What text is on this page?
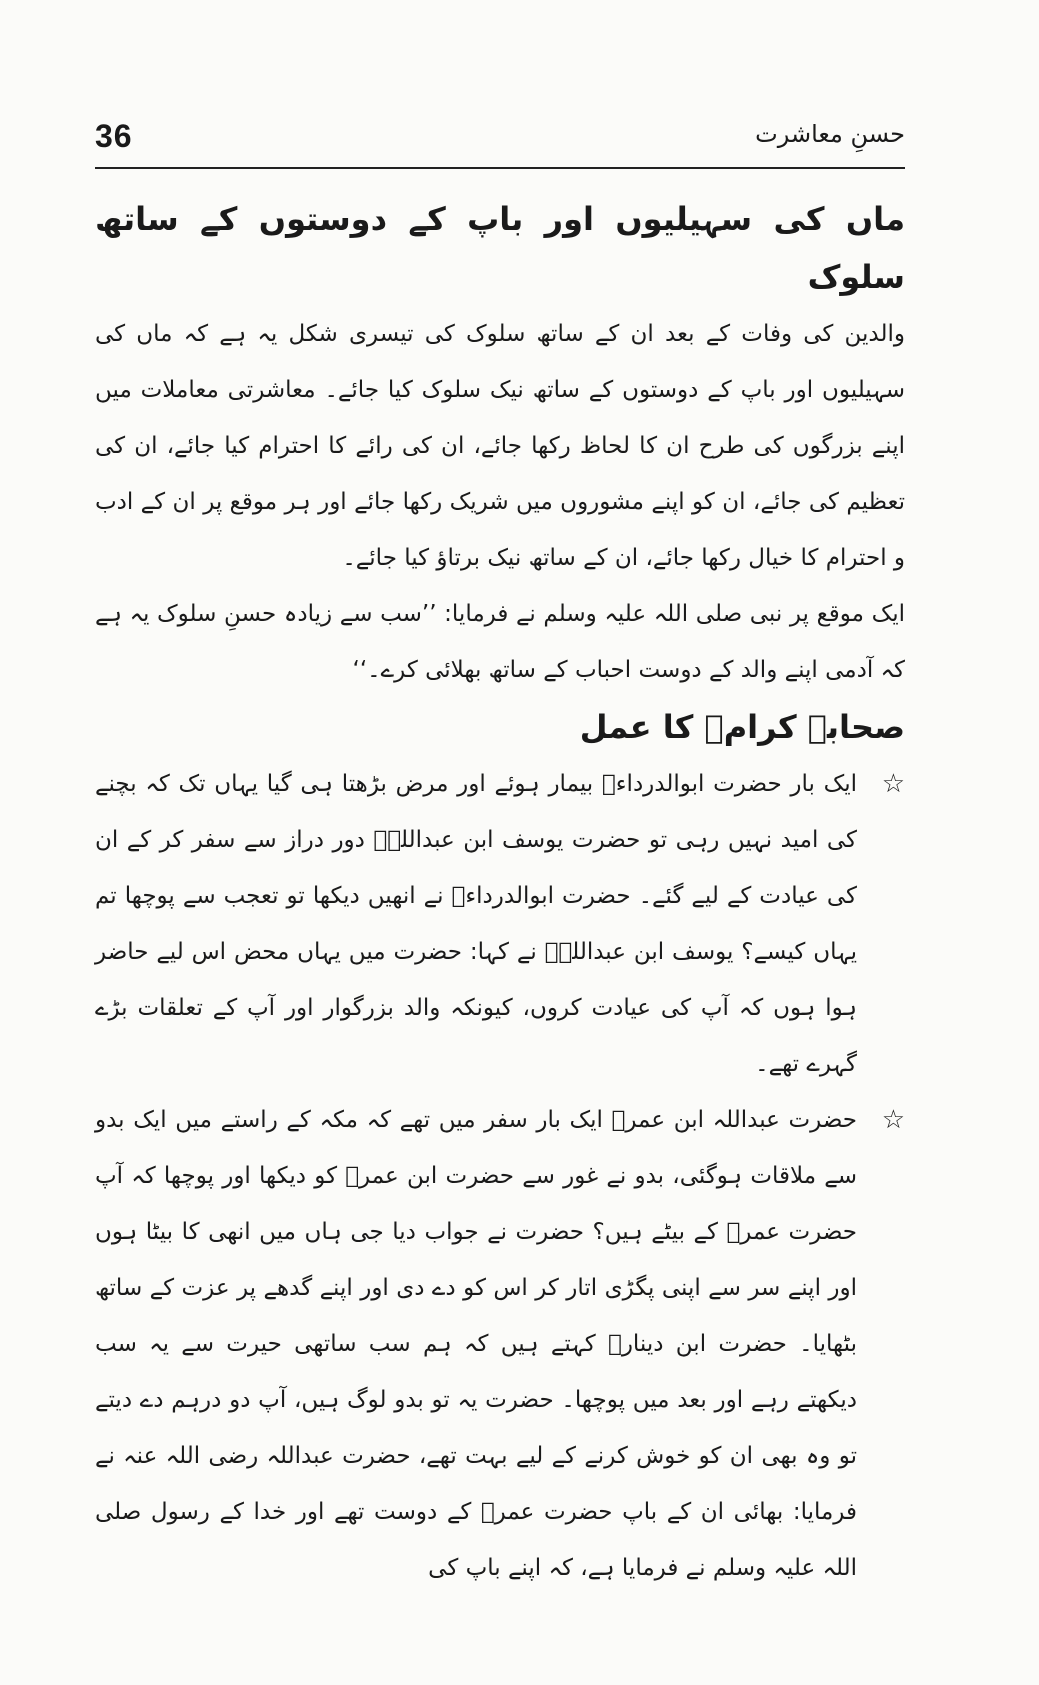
36	حسنِ معاشرت
ماں کی سہیلیوں اور باپ کے دوستوں کے ساتھ سلوک

والدین کی وفات کے بعد ان کے ساتھ سلوک کی تیسری شکل یہ ہے کہ ماں کی سہیلیوں اور باپ کے دوستوں کے ساتھ نیک سلوک کیا جائے۔ معاشرتی معاملات میں اپنے بزرگوں کی طرح ان کا لحاظ رکھا جائے، ان کی رائے کا احترام کیا جائے، ان کی تعظیم کی جائے، ان کو اپنے مشوروں میں شریک رکھا جائے اور ہر موقع پر ان کے ادب و احترام کا خیال رکھا جائے، ان کے ساتھ نیک برتاؤ کیا جائے۔

ایک موقع پر نبی صلی اللہ علیہ وسلم نے فرمایا: ’’سب سے زیادہ حسنِ سلوک یہ ہے کہ آدمی اپنے والد کے دوست احباب کے ساتھ بھلائی کرے۔‘‘

صحابہ کرامؓ کا عمل
☆

ایک بار حضرت ابوالدرداءؓ بیمار ہوئے اور مرض بڑھتا ہی گیا یہاں تک کہ بچنے کی امید نہیں رہی تو حضرت یوسف ابن عبداللہؓ دور دراز سے سفر کر کے ان کی عیادت کے لیے گئے۔ حضرت ابوالدرداءؓ نے انھیں دیکھا تو تعجب سے پوچھا تم یہاں کیسے؟ یوسف ابن عبداللہؓ نے کہا: حضرت میں یہاں محض اس لیے حاضر ہوا ہوں کہ آپ کی عیادت کروں، کیونکہ والد بزرگوار اور آپ کے تعلقات بڑے گہرے تھے۔

☆

حضرت عبداللہ ابن عمرؓ ایک بار سفر میں تھے کہ مکہ کے راستے میں ایک بدو سے ملاقات ہوگئی، بدو نے غور سے حضرت ابن عمرؓ کو دیکھا اور پوچھا کہ آپ حضرت عمرؓ کے بیٹے ہیں؟ حضرت نے جواب دیا جی ہاں میں انھی کا بیٹا ہوں اور اپنے سر سے اپنی پگڑی اتار کر اس کو دے دی اور اپنے گدھے پر عزت کے ساتھ بٹھایا۔ حضرت ابن دینارؒ کہتے ہیں کہ ہم سب ساتھی حیرت سے یہ سب دیکھتے رہے اور بعد میں پوچھا۔ حضرت یہ تو بدو لوگ ہیں، آپ دو درہم دے دیتے تو وہ بھی ان کو خوش کرنے کے لیے بہت تھے، حضرت عبداللہ رضی اللہ عنہ نے فرمایا: بھائی ان کے باپ حضرت عمرؓ کے دوست تھے اور خدا کے رسول صلی اللہ علیہ وسلم نے فرمایا ہے، کہ اپنے باپ کی
